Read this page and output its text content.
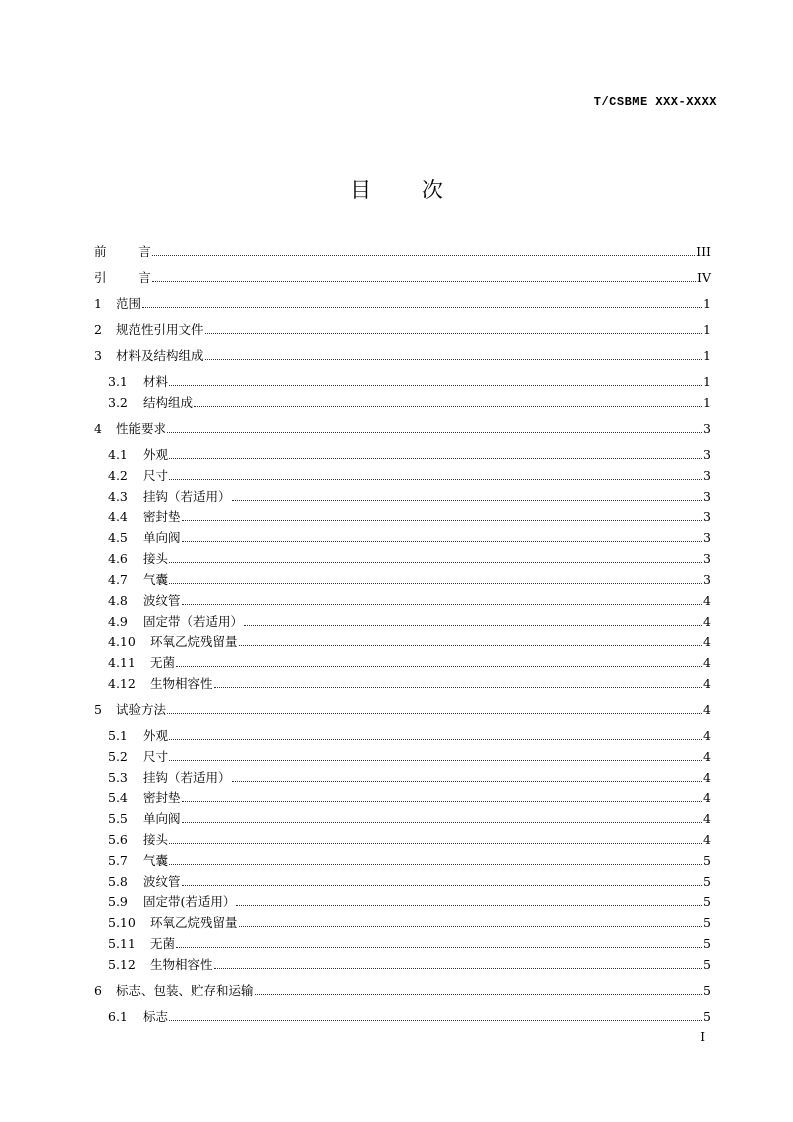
T/CSBME XXX-XXXX
目 次
前        言	III
引        言	IV
1	范围	1
2	规范性引用文件	1
3	材料及结构组成	1
3.1	材料	1
3.2	结构组成	1
4	性能要求	3
4.1	外观	3
4.2	尺寸	3
4.3	挂钩（若适用）	3
4.4	密封垫	3
4.5	单向阀	3
4.6	接头	3
4.7	气囊	3
4.8	波纹管	4
4.9	固定带（若适用）	4
4.10	环氧乙烷残留量	4
4.11	无菌	4
4.12	生物相容性	4
5	试验方法	4
5.1	外观	4
5.2	尺寸	4
5.3	挂钩（若适用）	4
5.4	密封垫	4
5.5	单向阀	4
5.6	接头	4
5.7	气囊	5
5.8	波纹管	5
5.9	固定带(若适用）	5
5.10	环氧乙烷残留量	5
5.11	无菌	5
5.12	生物相容性	5
6	标志、包装、贮存和运输	5
6.1	标志	5
I
